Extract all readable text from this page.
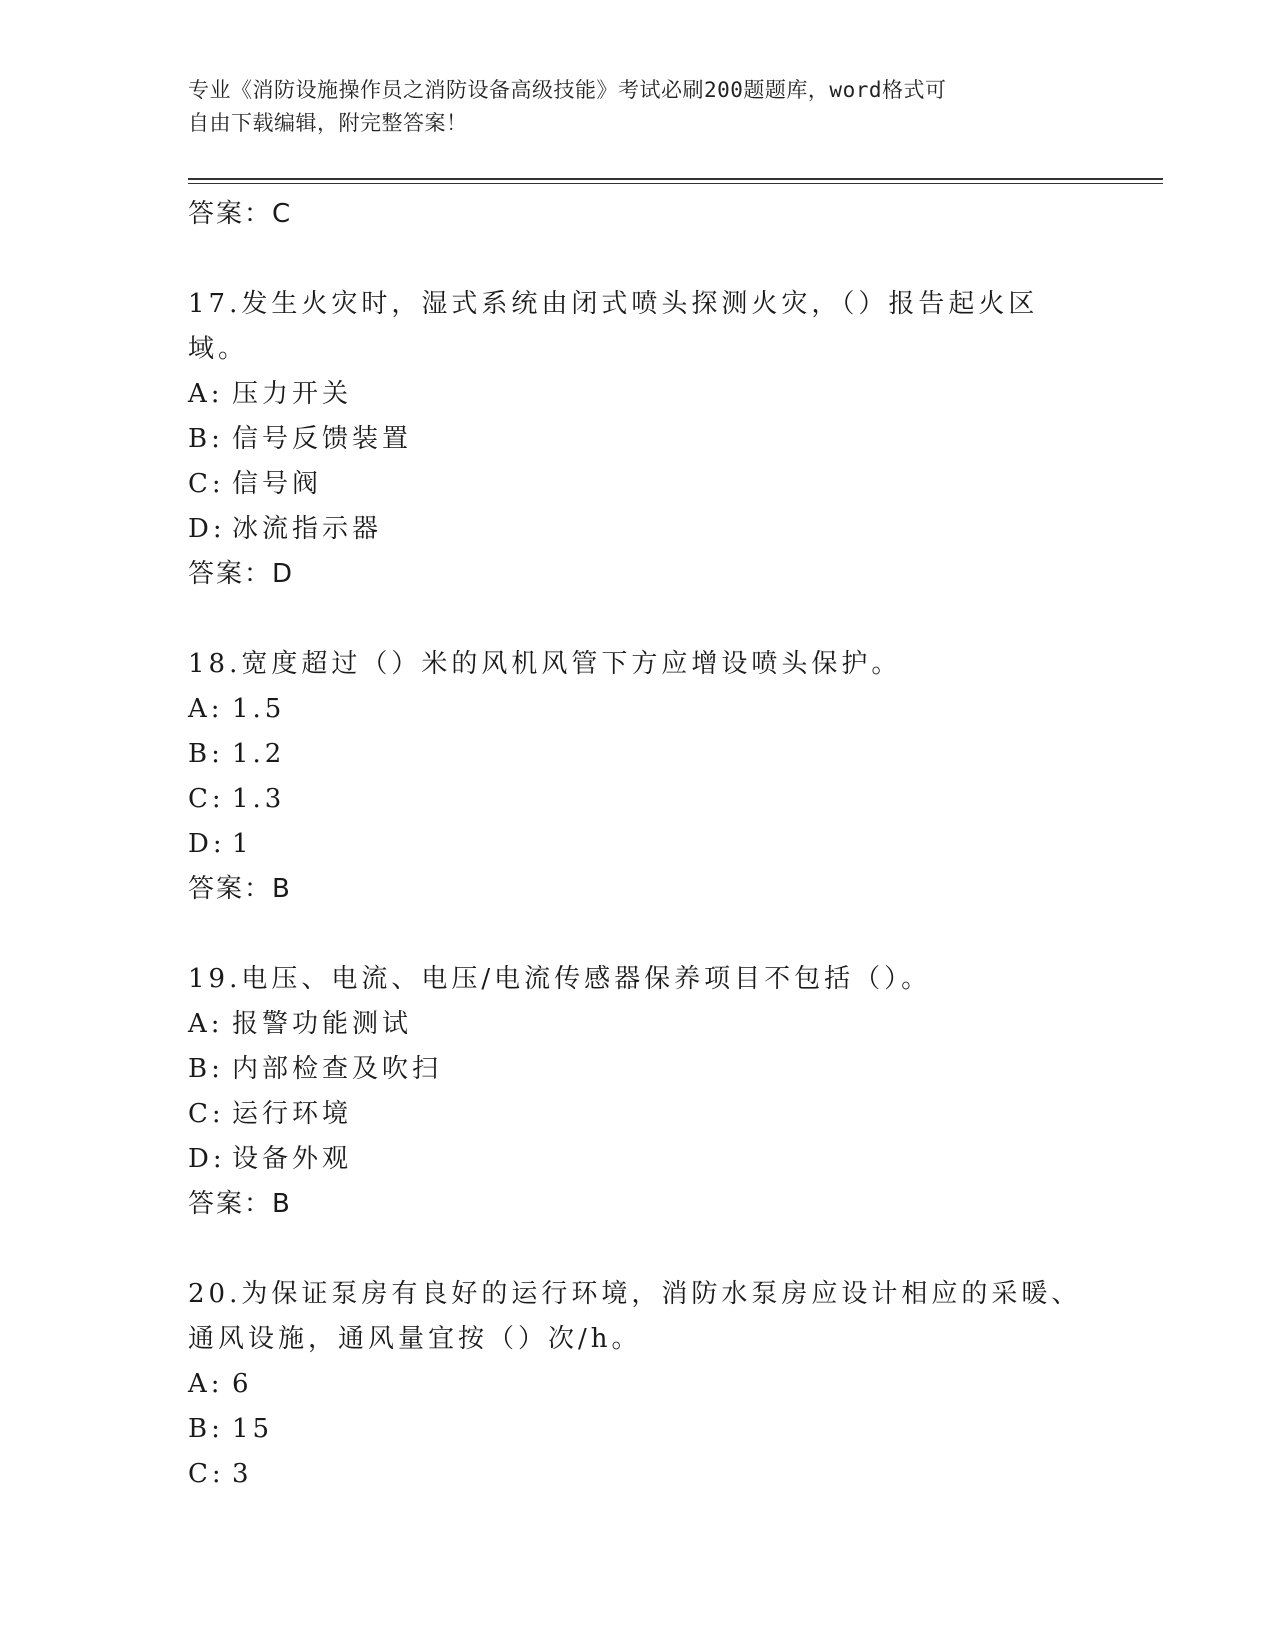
专业《消防设施操作员之消防设备高级技能》考试必刷200题题库，word格式可
自由下载编辑，附完整答案！
答案：C
17.发生火灾时，湿式系统由闭式喷头探测火灾，（）报告起火区域。
A: 压力开关
B: 信号反馈装置
C: 信号阀
D: 冰流指示器
答案：D
18.宽度超过（）米的风机风管下方应增设喷头保护。
A: 1.5
B: 1.2
C: 1.3
D: 1
答案：B
19.电压、电流、电压/电流传感器保养项目不包括（）。
A: 报警功能测试
B: 内部检查及吹扫
C: 运行环境
D: 设备外观
答案：B
20.为保证泵房有良好的运行环境，消防水泵房应设计相应的采暖、通风设施，通风量宜按（）次/h。
A: 6
B: 15
C: 3
